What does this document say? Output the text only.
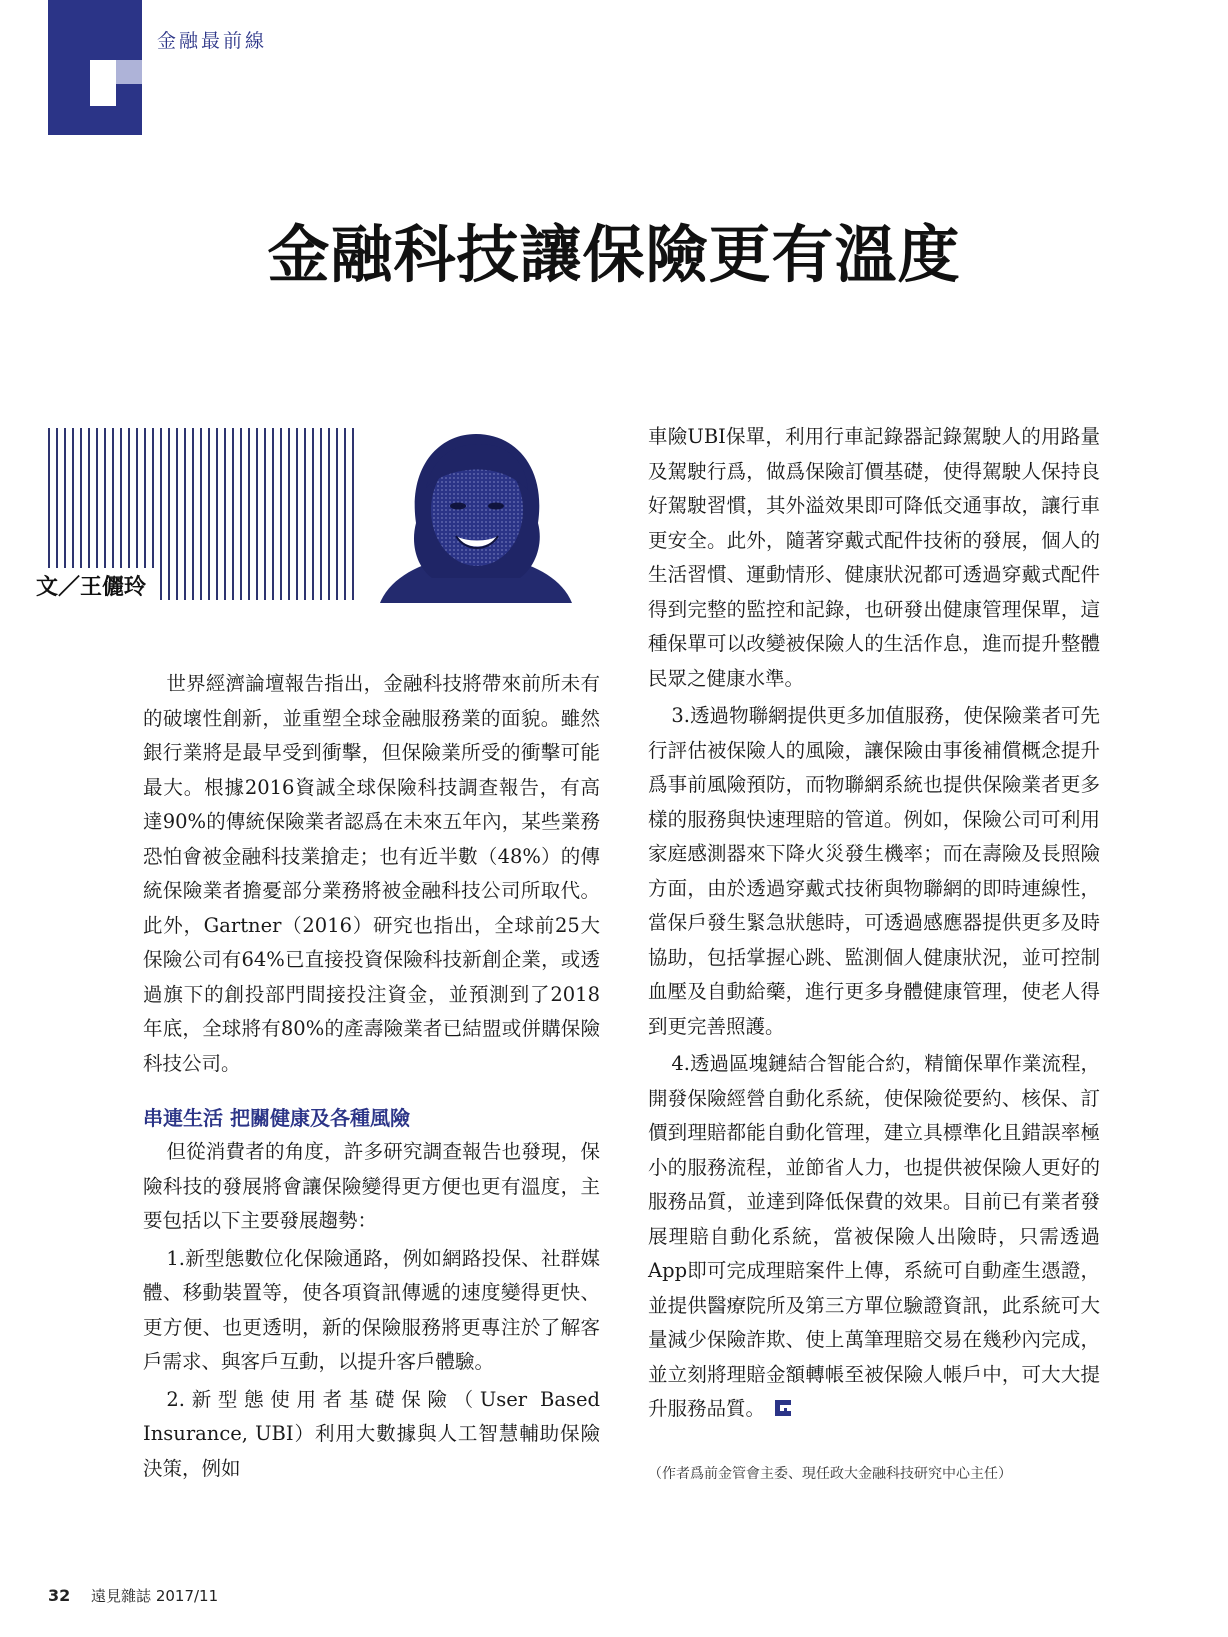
金融最前線
金融科技讓保險更有溫度
文／王儷玲

世界經濟論壇報告指出，金融科技將帶來前所未有的破壞性創新，並重塑全球金融服務業的面貌。雖然銀行業將是最早受到衝擊，但保險業所受的衝擊可能最大。根據2016資誠全球保險科技調查報告，有高達90%的傳統保險業者認爲在未來五年內，某些業務恐怕會被金融科技業搶走；也有近半數（48%）的傳統保險業者擔憂部分業務將被金融科技公司所取代。此外，Gartner（2016）研究也指出，全球前25大保險公司有64%已直接投資保險科技新創企業，或透過旗下的創投部門間接投注資金，並預測到了2018年底，全球將有80%的產壽險業者已結盟或併購保險科技公司。

串連生活 把關健康及各種風險

但從消費者的角度，許多研究調查報告也發現，保險科技的發展將會讓保險變得更方便也更有溫度，主要包括以下主要發展趨勢：

1.新型態數位化保險通路，例如網路投保、社群媒體、移動裝置等，使各項資訊傳遞的速度變得更快、更方便、也更透明，新的保險服務將更專注於了解客戶需求、與客戶互動，以提升客戶體驗。

2.新型態使用者基礎保險（User Based Insurance, UBI）利用大數據與人工智慧輔助保險決策，例如

車險UBI保單，利用行車記錄器記錄駕駛人的用路量及駕駛行爲，做爲保險訂價基礎，使得駕駛人保持良好駕駛習慣，其外溢效果即可降低交通事故，讓行車更安全。此外，隨著穿戴式配件技術的發展，個人的生活習慣、運動情形、健康狀況都可透過穿戴式配件得到完整的監控和記錄，也研發出健康管理保單，這種保單可以改變被保險人的生活作息，進而提升整體民眾之健康水準。

3.透過物聯網提供更多加值服務，使保險業者可先行評估被保險人的風險，讓保險由事後補償概念提升爲事前風險預防，而物聯網系統也提供保險業者更多樣的服務與快速理賠的管道。例如，保險公司可利用家庭感測器來下降火災發生機率；而在壽險及長照險方面，由於透過穿戴式技術與物聯網的即時連線性，當保戶發生緊急狀態時，可透過感應器提供更多及時協助，包括掌握心跳、監測個人健康狀況，並可控制血壓及自動給藥，進行更多身體健康管理，使老人得到更完善照護。

4.透過區塊鏈結合智能合約，精簡保單作業流程，開發保險經營自動化系統，使保險從要約、核保、訂價到理賠都能自動化管理，建立具標準化且錯誤率極小的服務流程，並節省人力，也提供被保險人更好的服務品質，並達到降低保費的效果。目前已有業者發展理賠自動化系統，當被保險人出險時，只需透過App即可完成理賠案件上傳，系統可自動產生憑證，並提供醫療院所及第三方單位驗證資訊，此系統可大量減少保險詐欺、使上萬筆理賠交易在幾秒內完成，並立刻將理賠金額轉帳至被保險人帳戶中，可大大提升服務品質。

（作者爲前金管會主委、現任政大金融科技研究中心主任）
32 遠見雜誌 2017/11
